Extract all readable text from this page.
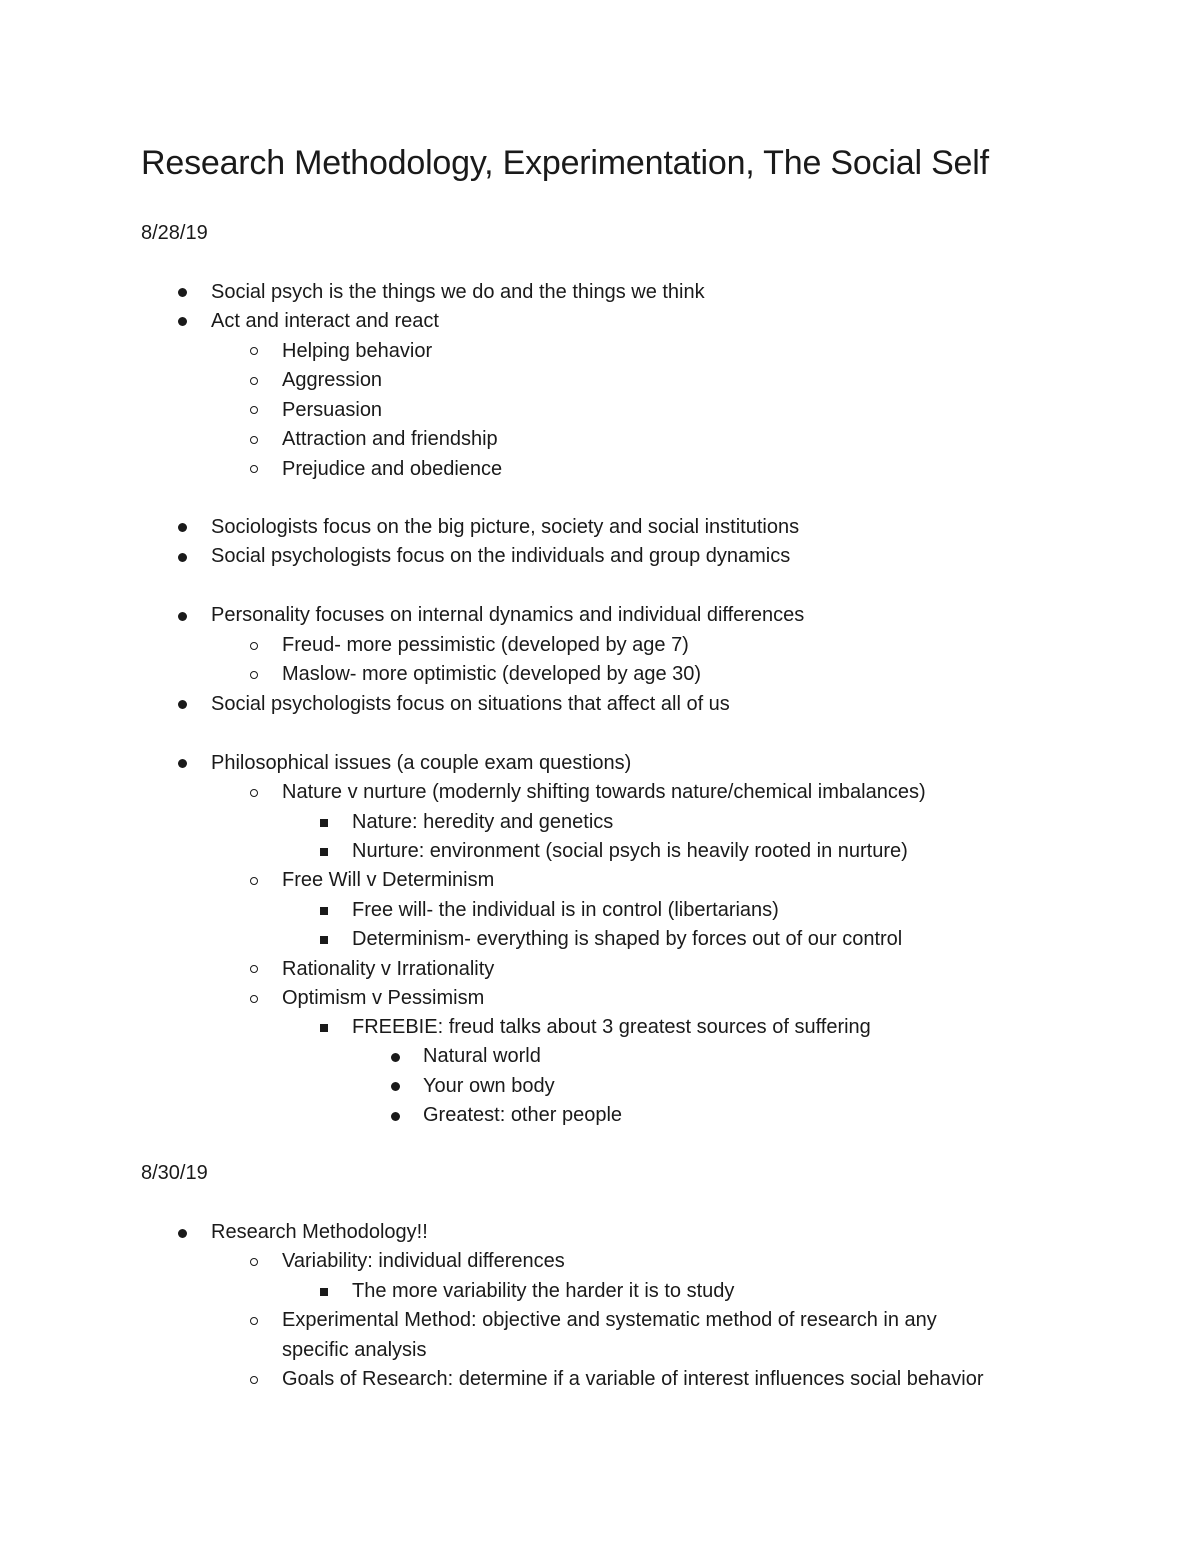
Research Methodology, Experimentation, The Social Self
8/28/19
Social psych is the things we do and the things we think
Act and interact and react
Helping behavior
Aggression
Persuasion
Attraction and friendship
Prejudice and obedience
Sociologists focus on the big picture, society and social institutions
Social psychologists focus on the individuals and group dynamics
Personality focuses on internal dynamics and individual differences
Freud- more pessimistic (developed by age 7)
Maslow- more optimistic (developed by age 30)
Social psychologists focus on situations that affect all of us
Philosophical issues (a couple exam questions)
Nature v nurture (modernly shifting towards nature/chemical imbalances)
Nature: heredity and genetics
Nurture: environment (social psych is heavily rooted in nurture)
Free Will v Determinism
Free will- the individual is in control (libertarians)
Determinism- everything is shaped by forces out of our control
Rationality v Irrationality
Optimism v Pessimism
FREEBIE: freud talks about 3 greatest sources of suffering
Natural world
Your own body
Greatest: other people
8/30/19
Research Methodology!!
Variability: individual differences
The more variability the harder it is to study
Experimental Method: objective and systematic method of research in any
specific analysis
Goals of Research: determine if a variable of interest influences social behavior
